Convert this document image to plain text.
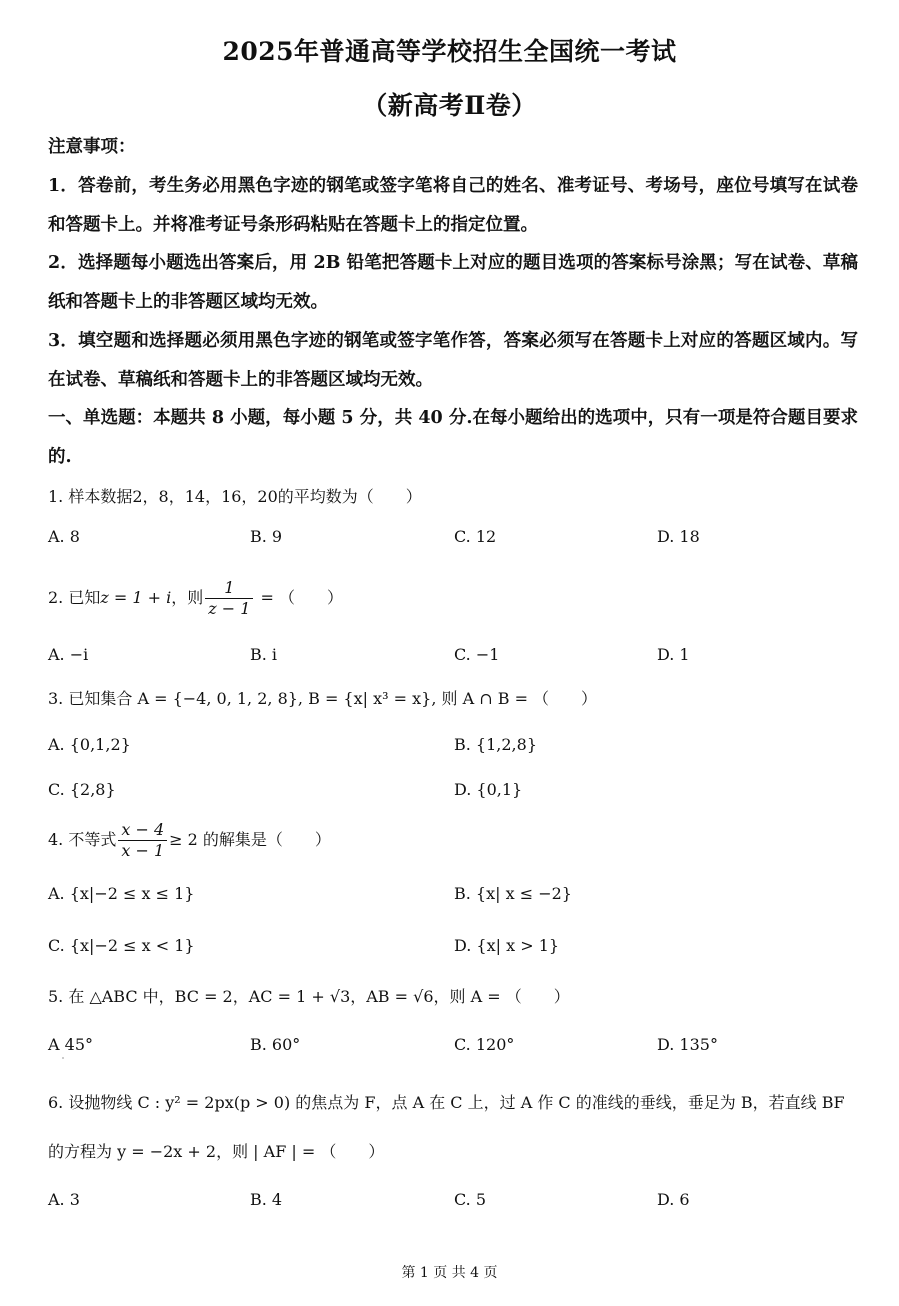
2025年普通高等学校招生全国统一考试
（新高考Ⅱ卷）
注意事项：
1．答卷前，考生务必用黑色字迹的钢笔或签字笔将自己的姓名、准考证号、考场号，座位号填写在试卷和答题卡上。并将准考证号条形码粘贴在答题卡上的指定位置。
2．选择题每小题选出答案后，用 2B 铅笔把答题卡上对应的题目选项的答案标号涂黑；写在试卷、草稿纸和答题卡上的非答题区域均无效。
3．填空题和选择题必须用黑色字迹的钢笔或签字笔作答，答案必须写在答题卡上对应的答题区域内。写在试卷、草稿纸和答题卡上的非答题区域均无效。
一、单选题：本题共 8 小题，每小题 5 分，共 40 分.在每小题给出的选项中，只有一项是符合题目要求的.
1. 样本数据2，8，14，16，20的平均数为（　　）
A. 8	B. 9	C. 12	D. 18
2. 已知z = 1 + i，则 $\frac{1}{z - 1}$ = （　　）
A. −i	B. i	C. −1	D. 1
3. 已知集合 A = {−4, 0, 1, 2, 8}, B = {x| x³ = x}, 则 A ∩ B = （　　）
A. {0,1,2}	B. {1,2,8}
C. {2,8}	D. {0,1}
4. 不等式 $\frac{x - 4}{x - 1} \ge 2$ 的解集是（　　）
A. {x|−2 ≤ x ≤ 1}	B. {x| x ≤ −2}
C. {x|−2 ≤ x < 1}	D. {x| x > 1}
5. 在 △ABC 中，BC = 2，AC = 1 + √3，AB = √6，则 A = （　　）
A 45°	B. 60°	C. 120°	D. 135°
6. 设抛物线 C : y² = 2px(p > 0) 的焦点为 F，点 A 在 C 上，过 A 作 C 的准线的垂线，垂足为 B，若直线 BF
的方程为 y = −2x + 2，则 | AF | = （　　）
A. 3	B. 4	C. 5	D. 6
第 1 页 共 4 页
